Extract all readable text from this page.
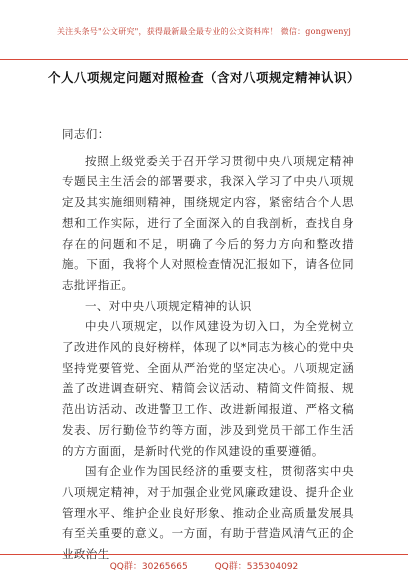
关注头条号"公文研究"，获得最新最全最专业的公文资料库！ 微信：gongwenyj
个人八项规定问题对照检查（含对八项规定精神认识）

同志们：

按照上级党委关于召开学习贯彻中央八项规定精神专题民主生活会的部署要求，我深入学习了中央八项规定及其实施细则精神，围绕规定内容，紧密结合个人思想和工作实际，进行了全面深入的自我剖析，查找自身存在的问题和不足，明确了今后的努力方向和整改措施。下面，我将个人对照检查情况汇报如下，请各位同志批评指正。

一、对中央八项规定精神的认识

中央八项规定，以作风建设为切入口，为全党树立了改进作风的良好榜样，体现了以*同志为核心的党中央坚持党要管党、全面从严治党的坚定决心。八项规定涵盖了改进调查研究、精简会议活动、精简文件简报、规范出访活动、改进警卫工作、改进新闻报道、严格文稿发表、厉行勤俭节约等方面，涉及到党员干部工作生活的方方面面，是新时代党的作风建设的重要遵循。

国有企业作为国民经济的重要支柱，贯彻落实中央八项规定精神，对于加强企业党风廉政建设、提升企业管理水平、维护企业良好形象、推动企业高质量发展具有至关重要的意义。一方面，有助于营造风清气正的企业政治生

QQ群：30265665	QQ群：535304092
